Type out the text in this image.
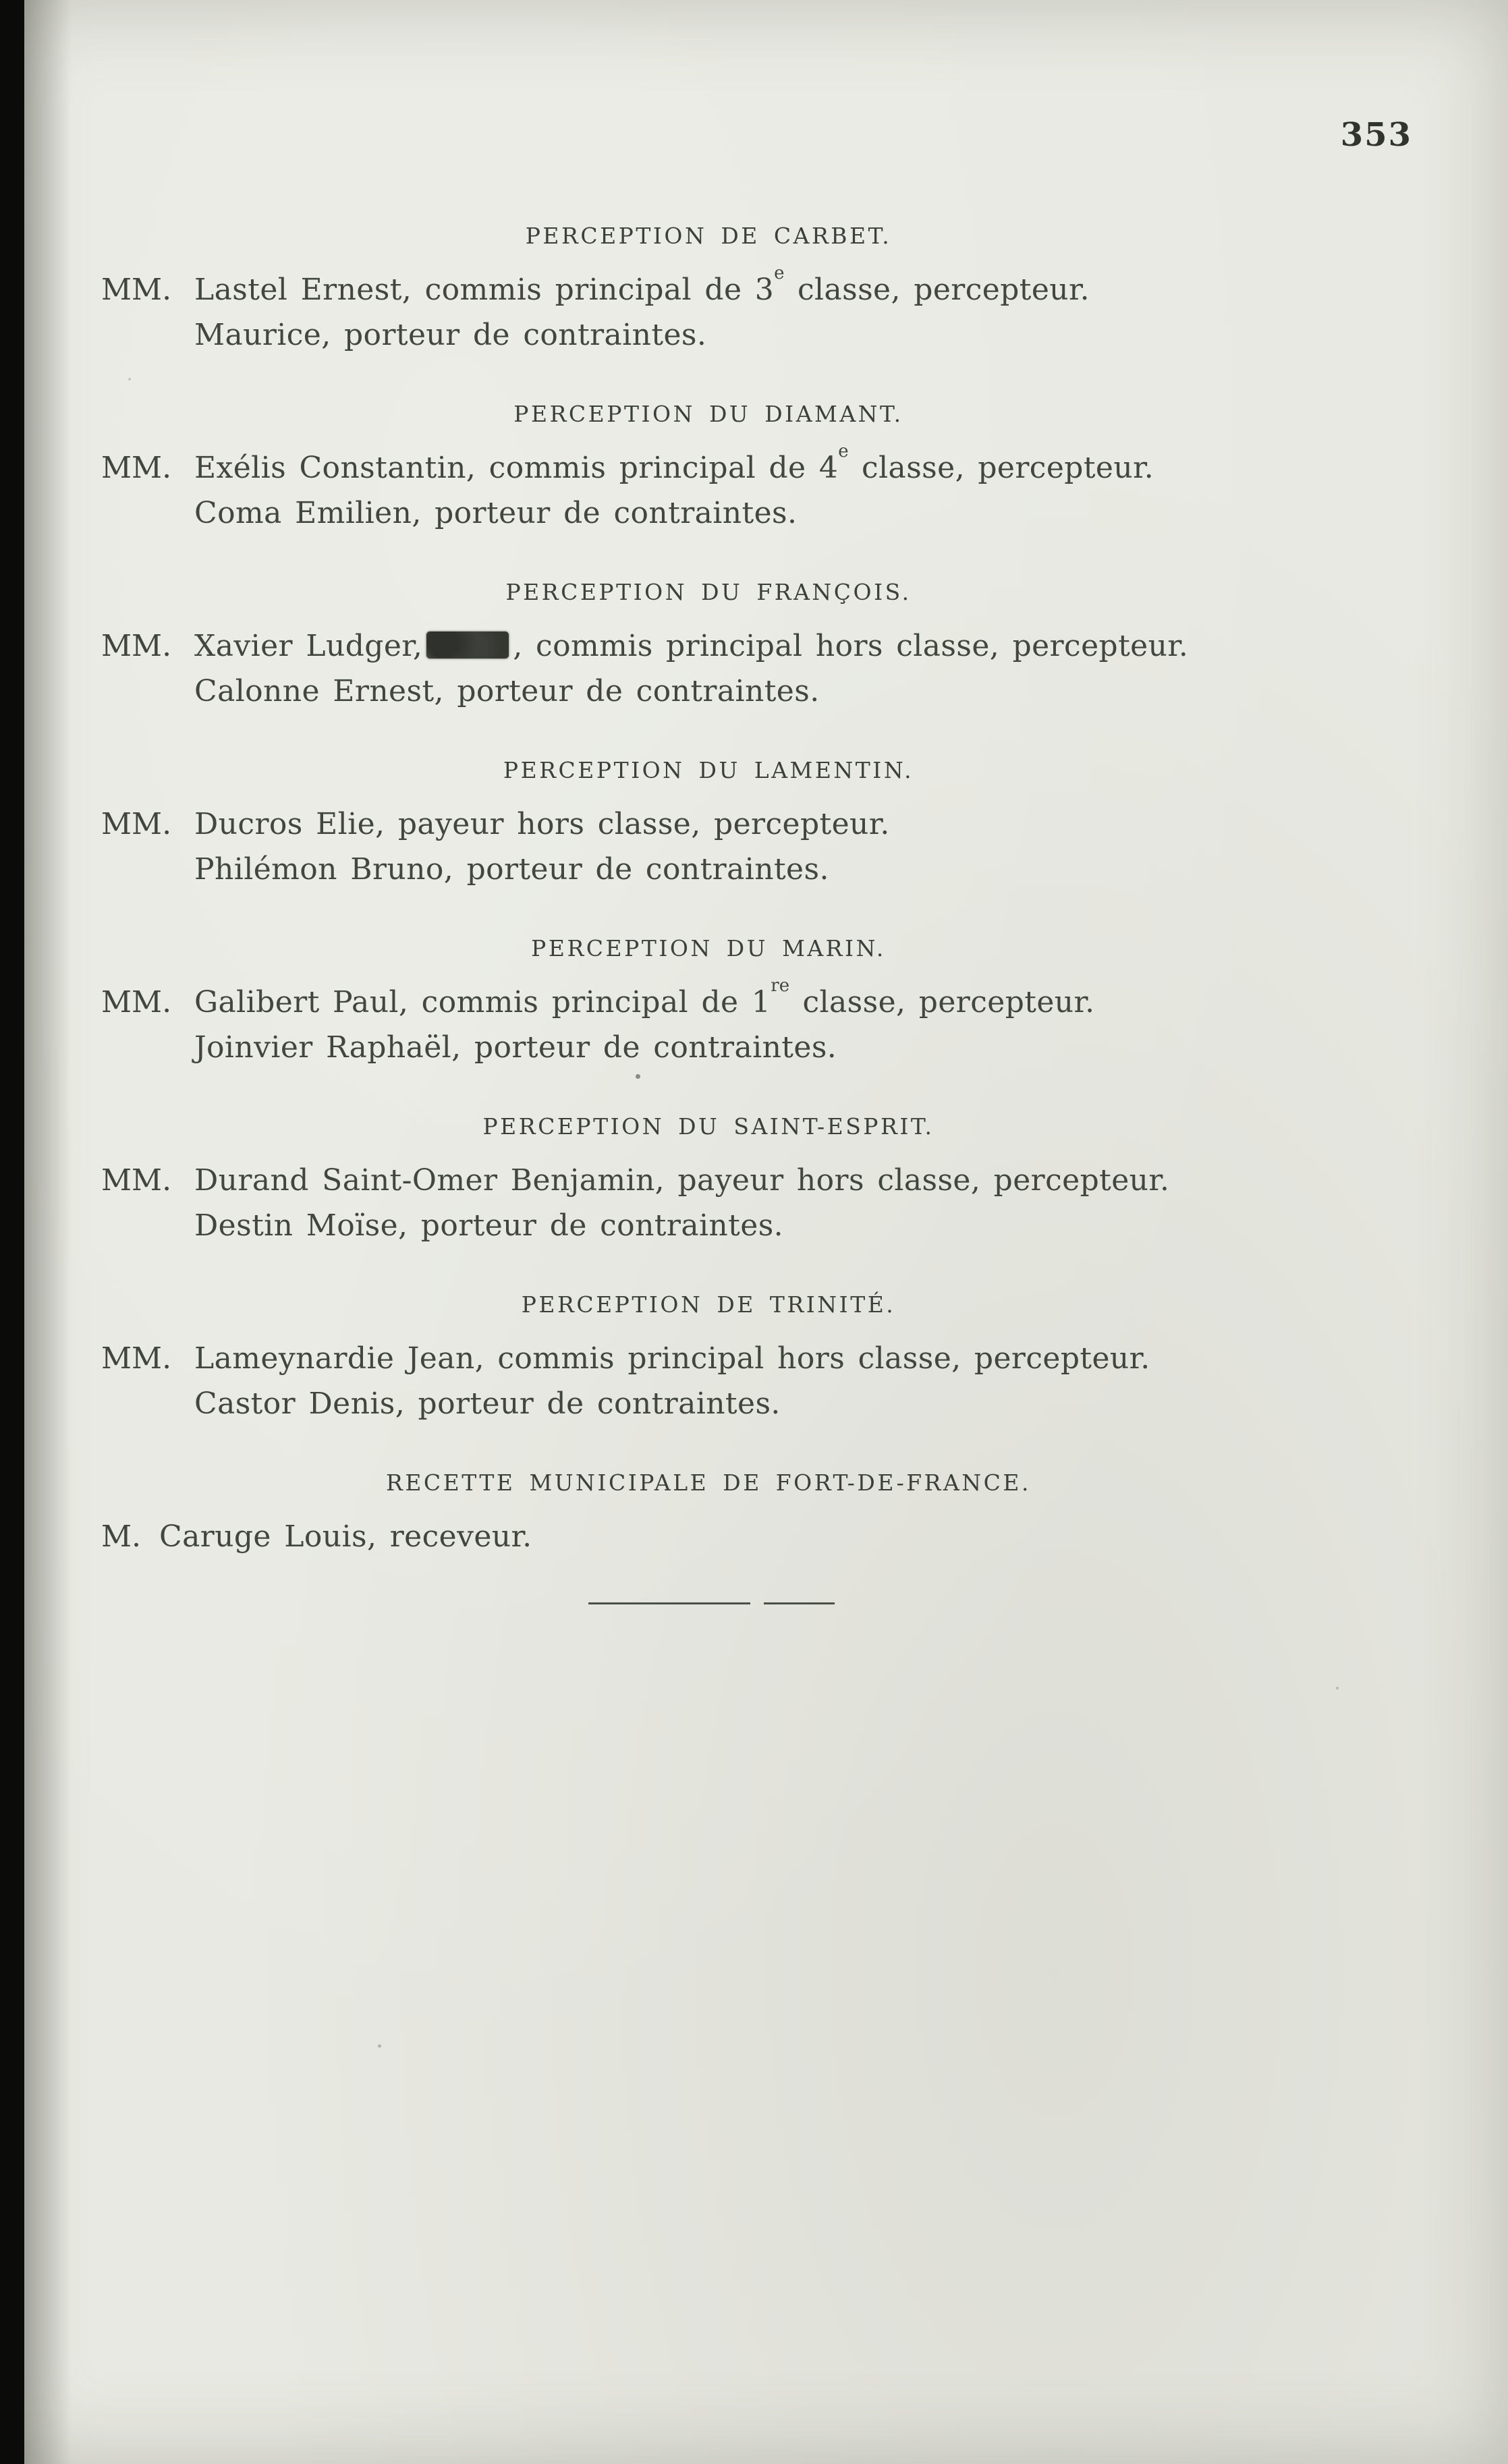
353
PERCEPTION DE CARBET.
MM. Lastel Ernest, commis principal de 3e classe, percepteur.
Maurice, porteur de contraintes.
PERCEPTION DU DIAMANT.
MM. Exélis Constantin, commis principal de 4e classe, percepteur.
Coma Emilien, porteur de contraintes.
PERCEPTION DU FRANÇOIS.
MM. Xavier Ludger,	, commis principal hors classe, percepteur.
Calonne Ernest, porteur de contraintes.
PERCEPTION DU LAMENTIN.
MM. Ducros Elie, payeur hors classe, percepteur.
Philémon Bruno, porteur de contraintes.
PERCEPTION DU MARIN.
MM. Galibert Paul, commis principal de 1re classe, percepteur.
Joinvier Raphaël, porteur de contraintes.
PERCEPTION DU SAINT-ESPRIT.
MM. Durand Saint-Omer Benjamin, payeur hors classe, percepteur.
Destin Moïse, porteur de contraintes.
PERCEPTION DE TRINITÉ.
MM. Lameynardie Jean, commis principal hors classe, percepteur.
Castor Denis, porteur de contraintes.
RECETTE MUNICIPALE DE FORT-DE-FRANCE.
M. Caruge Louis, receveur.
